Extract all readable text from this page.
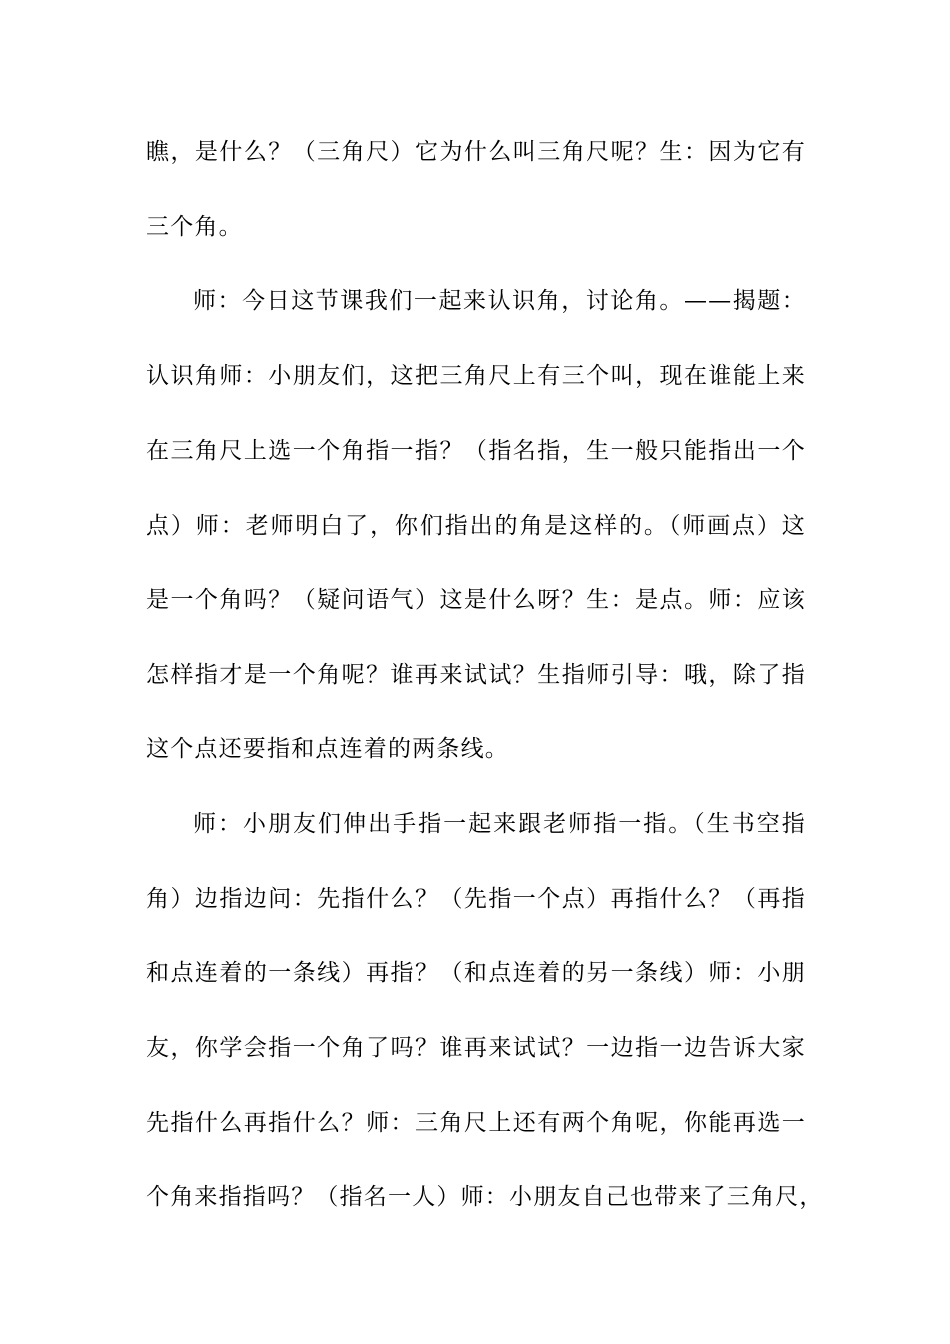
瞧，是什么？（三角尺）它为什么叫三角尺呢？生：因为它有
三个角。
师：今日这节课我们一起来认识角，讨论角。——揭题：
认识角师：小朋友们，这把三角尺上有三个叫，现在谁能上来
在三角尺上选一个角指一指？（指名指，生一般只能指出一个
点）师：老师明白了，你们指出的角是这样的。（师画点）这
是一个角吗？（疑问语气）这是什么呀？生：是点。师：应该
怎样指才是一个角呢？谁再来试试？生指师引导：哦，除了指
这个点还要指和点连着的两条线。
师：小朋友们伸出手指一起来跟老师指一指。（生书空指
角）边指边问：先指什么？（先指一个点）再指什么？（再指
和点连着的一条线）再指？（和点连着的另一条线）师：小朋
友，你学会指一个角了吗？谁再来试试？一边指一边告诉大家
先指什么再指什么？师：三角尺上还有两个角呢，你能再选一
个角来指指吗？（指名一人）师：小朋友自己也带来了三角尺，
